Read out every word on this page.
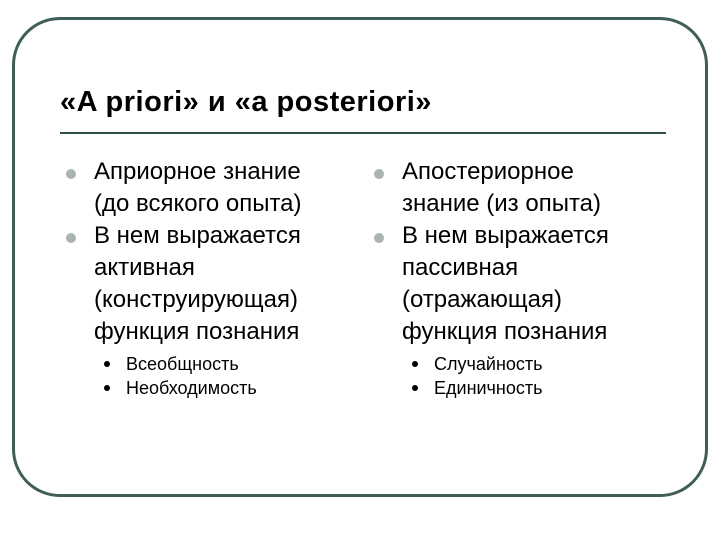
«A priori» и «a posteriori»
Априорное знание
(до всякого опыта)
В нем выражается
активная
(конструирующая)
функция познания
Всеобщность
Необходимость
Апостериорное
знание (из опыта)
В нем выражается
пассивная
(отражающая)
функция познания
Случайность
Единичность
